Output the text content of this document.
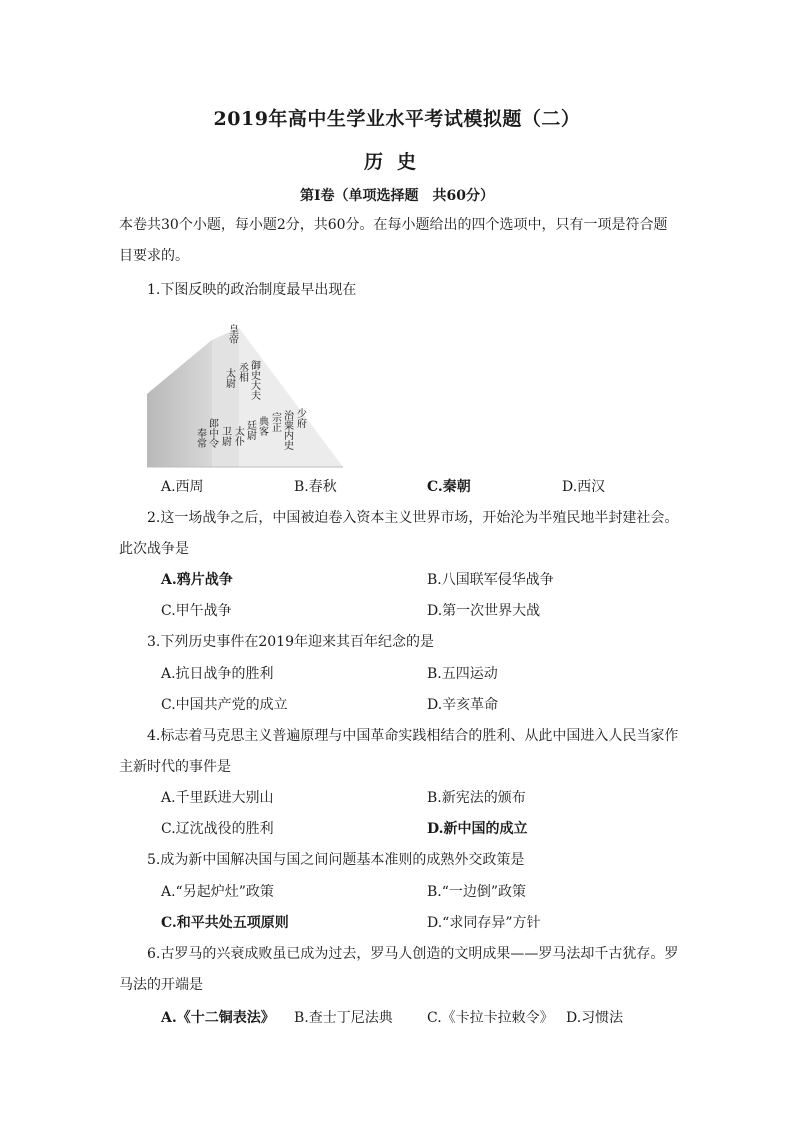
2019年高中生学业水平考试模拟题（二）
历史
第Ⅰ卷（单项选择题　共60分）
本卷共30个小题，每小题2分，共60分。在每小题给出的四个选项中，只有一项是符合题
目要求的。
1.下图反映的政治制度最早出现在
皇帝
太尉
丞相
御史大夫
奉常
郎中令
卫尉
太仆
廷尉
典客
宗正
治粟内史
少府
A.西周	B.春秋	C.秦朝	D.西汉
2.这一场战争之后，中国被迫卷入资本主义世界市场，开始沦为半殖民地半封建社会。
此次战争是
A.鸦片战争	B.八国联军侵华战争
C.甲午战争	D.第一次世界大战
3.下列历史事件在2019年迎来其百年纪念的是
A.抗日战争的胜利	B.五四运动
C.中国共产党的成立	D.辛亥革命
4.标志着马克思主义普遍原理与中国革命实践相结合的胜利、从此中国进入人民当家作
主新时代的事件是
A.千里跃进大别山	B.新宪法的颁布
C.辽沈战役的胜利	D.新中国的成立
5.成为新中国解决国与国之间问题基本准则的成熟外交政策是
A.“另起炉灶”政策	B.“一边倒”政策
C.和平共处五项原则	D.“求同存异”方针
6.古罗马的兴衰成败虽已成为过去，罗马人创造的文明成果——罗马法却千古犹存。罗
马法的开端是
A.《十二铜表法》 B.查士丁尼法典 C.《卡拉卡拉敕令》 D.习惯法
